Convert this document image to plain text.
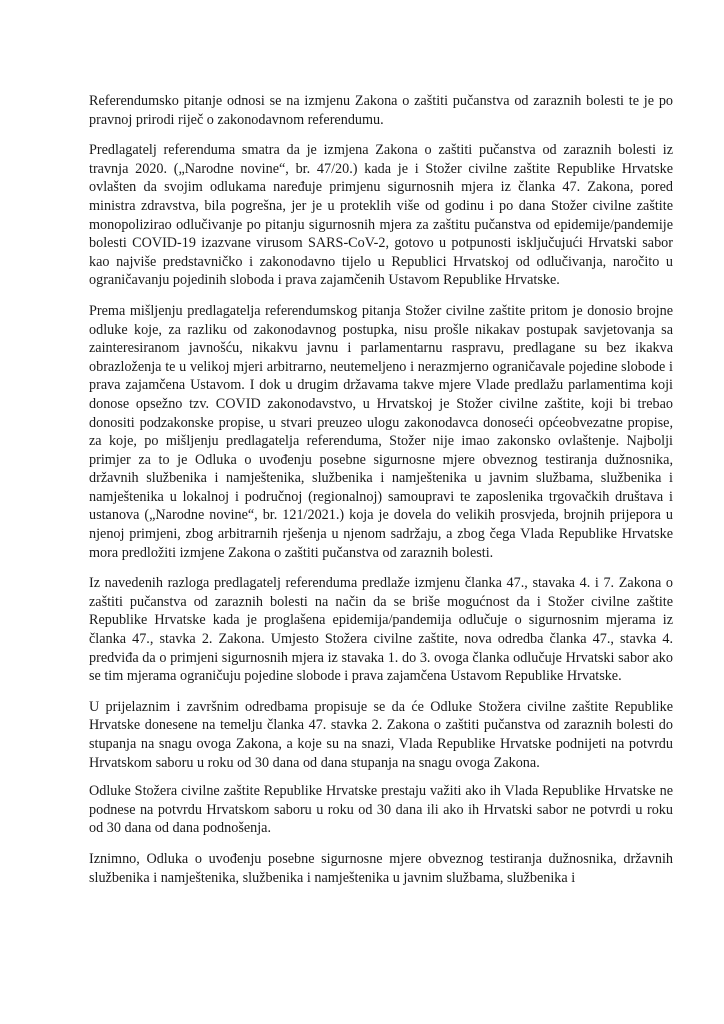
Referendumsko pitanje odnosi se na izmjenu Zakona o zaštiti pučanstva od zaraznih bolesti te je po pravnoj prirodi riječ o zakonodavnom referendumu.

Predlagatelj referenduma smatra da je izmjena Zakona o zaštiti pučanstva od zaraznih bolesti iz travnja 2020. („Narodne novine“, br. 47/20.) kada je i Stožer civilne zaštite Republike Hrvatske ovlašten da svojim odlukama naređuje primjenu sigurnosnih mjera iz članka 47. Zakona, pored ministra zdravstva, bila pogrešna, jer je u proteklih više od godinu i po dana Stožer civilne zaštite monopolizirao odlučivanje po pitanju sigurnosnih mjera za zaštitu pučanstva od epidemije/pandemije bolesti COVID-19 izazvane virusom SARS-CoV-2, gotovo u potpunosti isključujući Hrvatski sabor kao najviše predstavničko i zakonodavno tijelo u Republici Hrvatskoj od odlučivanja, naročito u ograničavanju pojedinih sloboda i prava zajamčenih Ustavom Republike Hrvatske.

Prema mišljenju predlagatelja referendumskog pitanja Stožer civilne zaštite pritom je donosio brojne odluke koje, za razliku od zakonodavnog postupka, nisu prošle nikakav postupak savjetovanja sa zainteresiranom javnošću, nikakvu javnu i parlamentarnu raspravu, predlagane su bez ikakva obrazloženja te u velikoj mjeri arbitrarno, neutemeljeno i nerazmjerno ograničavale pojedine slobode i prava zajamčena Ustavom. I dok u drugim državama takve mjere Vlade predlažu parlamentima koji donose opsežno tzv. COVID zakonodavstvo, u Hrvatskoj je Stožer civilne zaštite, koji bi trebao donositi podzakonske propise, u stvari preuzeo ulogu zakonodavca donoseći općeobvezatne propise, za koje, po mišljenju predlagatelja referenduma, Stožer nije imao zakonsko ovlaštenje. Najbolji primjer za to je Odluka o uvođenju posebne sigurnosne mjere obveznog testiranja dužnosnika, državnih službenika i namještenika, službenika i namještenika u javnim službama, službenika i namještenika u lokalnoj i područnoj (regionalnoj) samoupravi te zaposlenika trgovačkih društava i ustanova („Narodne novine“, br. 121/2021.) koja je dovela do velikih prosvjeda, brojnih prijepora u njenoj primjeni, zbog arbitrarnih rješenja u njenom sadržaju, a zbog čega Vlada Republike Hrvatske mora predložiti izmjene Zakona o zaštiti pučanstva od zaraznih bolesti.

Iz navedenih razloga predlagatelj referenduma predlaže izmjenu članka 47., stavaka 4. i 7. Zakona o zaštiti pučanstva od zaraznih bolesti na način da se briše mogućnost da i Stožer civilne zaštite Republike Hrvatske kada je proglašena epidemija/pandemija odlučuje o sigurnosnim mjerama iz članka 47., stavka 2. Zakona. Umjesto Stožera civilne zaštite, nova odredba članka 47., stavka 4. predviđa da o primjeni sigurnosnih mjera iz stavaka 1. do 3. ovoga članka odlučuje Hrvatski sabor ako se tim mjerama ograničuju pojedine slobode i prava zajamčena Ustavom Republike Hrvatske.

U prijelaznim i završnim odredbama propisuje se da će Odluke Stožera civilne zaštite Republike Hrvatske donesene na temelju članka 47. stavka 2. Zakona o zaštiti pučanstva od zaraznih bolesti do stupanja na snagu ovoga Zakona, a koje su na snazi, Vlada Republike Hrvatske podnijeti na potvrdu Hrvatskom saboru u roku od 30 dana od dana stupanja na snagu ovoga Zakona.

Odluke Stožera civilne zaštite Republike Hrvatske prestaju važiti ako ih Vlada Republike Hrvatske ne podnese na potvrdu Hrvatskom saboru u roku od 30 dana ili ako ih Hrvatski sabor ne potvrdi u roku od 30 dana od dana podnošenja.

Iznimno, Odluka o uvođenju posebne sigurnosne mjere obveznog testiranja dužnosnika, državnih službenika i namještenika, službenika i namještenika u javnim službama, službenika i
